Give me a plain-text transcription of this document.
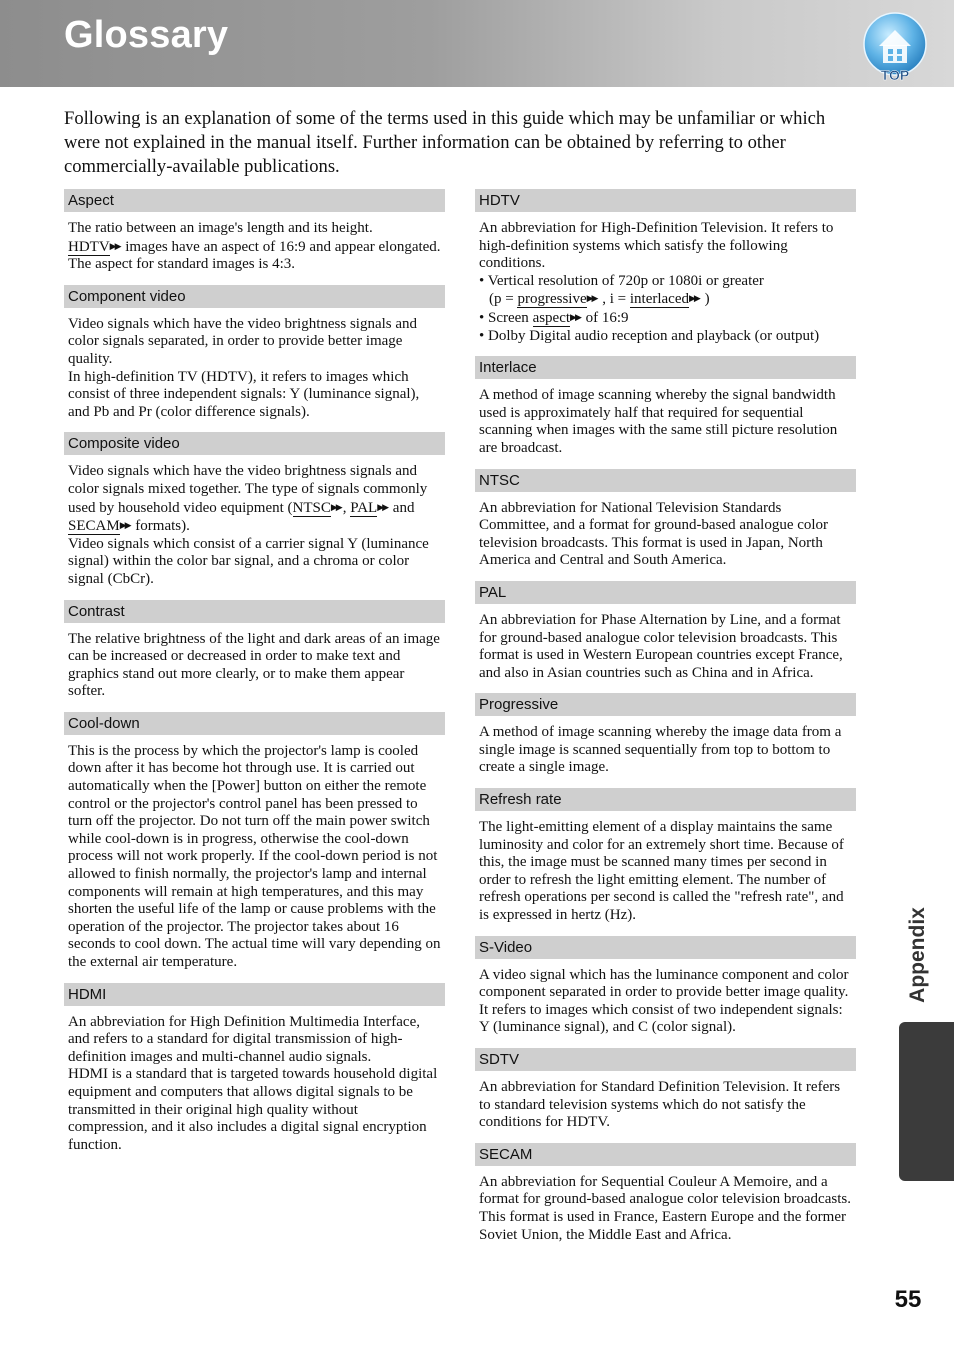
Glossary
TOP
Following is an explanation of some of the terms used in this guide which may be unfamiliar or which were not explained in the manual itself. Further information can be obtained by referring to other commercially-available publications.
Aspect

The ratio between an image's length and its height.
HDTV▶▶ images have an aspect of 16:9 and appear elongated. The aspect for standard images is 4:3.

Component video

Video signals which have the video brightness signals and color signals separated, in order to provide better image quality.

In high-definition TV (HDTV), it refers to images which consist of three independent signals: Y (luminance signal), and Pb and Pr (color difference signals).

Composite video

Video signals which have the video brightness signals and color signals mixed together. The type of signals commonly used by household video equipment (NTSC▶▶ , PAL▶▶ and SECAM▶▶ formats).

Video signals which consist of a carrier signal Y (luminance signal) within the color bar signal, and a chroma or color signal (CbCr).

Contrast

The relative brightness of the light and dark areas of an image can be increased or decreased in order to make text and graphics stand out more clearly, or to make them appear softer.

Cool-down

This is the process by which the projector's lamp is cooled down after it has become hot through use. It is carried out automatically when the [Power] button on either the remote control or the projector's control panel has been pressed to turn off the projector. Do not turn off the main power switch while cool-down is in progress, otherwise the cool-down process will not work properly. If the cool-down period is not allowed to finish normally, the projector's lamp and internal components will remain at high temperatures, and this may shorten the useful life of the lamp or cause problems with the operation of the projector. The projector takes about 16 seconds to cool down. The actual time will vary depending on the external air temperature.

HDMI

An abbreviation for High Definition Multimedia Interface, and refers to a standard for digital transmission of high-definition images and multi-channel audio signals.

HDMI is a standard that is targeted towards household digital equipment and computers that allows digital signals to be transmitted in their original high quality without compression, and it also includes a digital signal encryption function.

HDTV

An abbreviation for High-Definition Television. It refers to high-definition systems which satisfy the following conditions.

• Vertical resolution of 720p or 1080i or greater

(p = progressive▶▶ , i = interlaced▶▶ )

• Screen aspect▶▶ of 16:9

• Dolby Digital audio reception and playback (or output)

Interlace

A method of image scanning whereby the signal bandwidth used is approximately half that required for sequential scanning when images with the same still picture resolution are broadcast.

NTSC

An abbreviation for National Television Standards Committee, and a format for ground-based analogue color television broadcasts. This format is used in Japan, North America and Central and South America.

PAL

An abbreviation for Phase Alternation by Line, and a format for ground-based analogue color television broadcasts. This format is used in Western European countries except France, and also in Asian countries such as China and in Africa.

Progressive

A method of image scanning whereby the image data from a single image is scanned sequentially from top to bottom to create a single image.

Refresh rate

The light-emitting element of a display maintains the same luminosity and color for an extremely short time. Because of this, the image must be scanned many times per second in order to refresh the light emitting element. The number of refresh operations per second is called the "refresh rate", and is expressed in hertz (Hz).

S-Video

A video signal which has the luminance component and color component separated in order to provide better image quality.

It refers to images which consist of two independent signals: Y (luminance signal), and C (color signal).

SDTV

An abbreviation for Standard Definition Television. It refers to standard television systems which do not satisfy the conditions for HDTV.

SECAM

An abbreviation for Sequential Couleur A Memoire, and a format for ground-based analogue color television broadcasts. This format is used in France, Eastern Europe and the former Soviet Union, the Middle East and Africa.

Appendix
55
